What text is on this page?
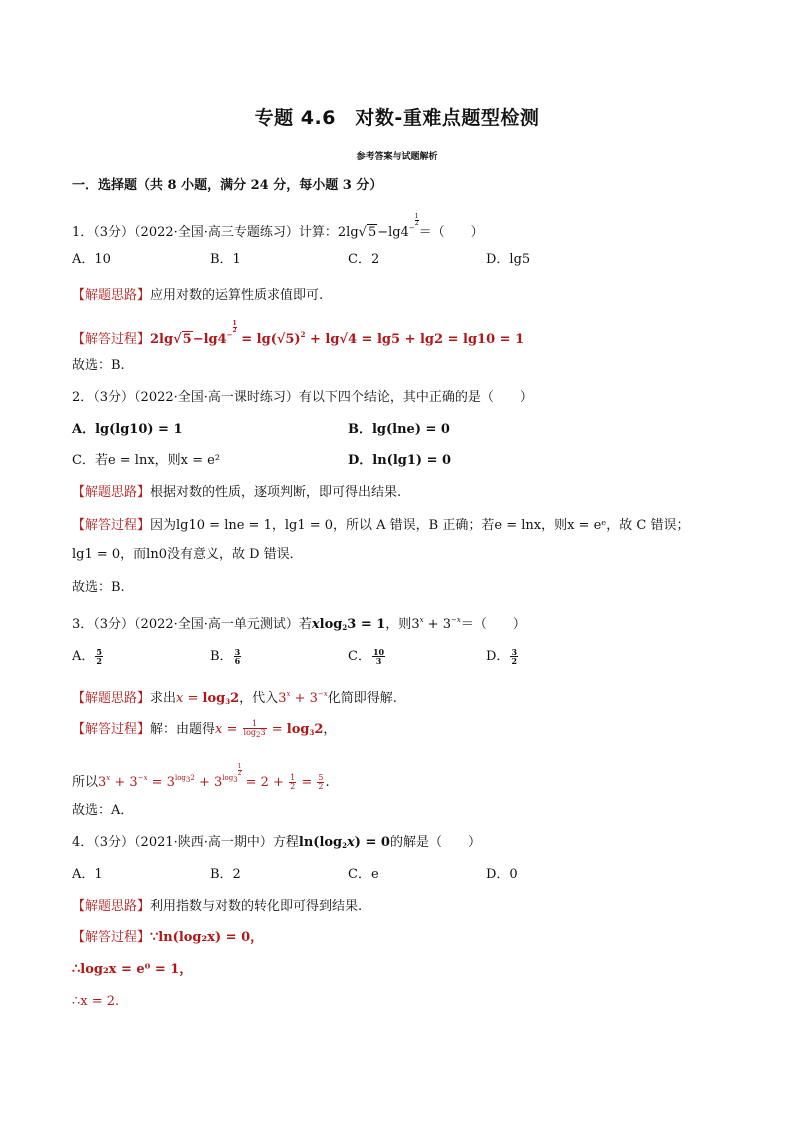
专题 4.6　对数-重难点题型检测
参考答案与试题解析
一．选择题（共 8 小题，满分 24 分，每小题 3 分）
1．（3分）（2022·全国·高三专题练习）计算：$2\lg√5-\lg 4^{- \frac{1}{2}}$
＝（　　）
A．10	B．1	C．2	D．lg5
【解题思路】应用对数的运算性质求值即可.
【解答过程】$2\lg√5-\lg 4^{- \frac{1}{2}}$
= $\lg(√5)^2 + \lg√4 = \lg 5 + \lg 2 = \lg 10 = 1$
故选：B.
2．（3分）（2022·全国·高一课时练习）有以下四个结论，其中正确的是（　　）
A．lg(lg10) = 1	B．lg(lne) = 0
C．若e = lnx，则x = e²	D．ln(lg1) = 0
【解题思路】根据对数的性质，逐项判断，即可得出结果.
【解答过程】因为lg10 = lne = 1，lg1 = 0，所以 A 错误，B 正确；若e = lnx，则x = eᵉ，故 C 错误；
lg1 = 0，而ln0没有意义，故 D 错误．
故选：B.
3．（3分）（2022·全国·高一单元测试）若xlog$_2$3 = 1，则$3^x + 3^{-x}=$（　　）
A． $\frac{5}{2}$	B． $\frac{3}{6}$	C． $\frac{10}{3}$	D． $\frac{3}{2}$
【解题思路】求出$x = \log_32$，代入$3^x + 3^{-x}$化简即得解.
【解答过程】解：由题得$x = \frac{1}{\log_23} = \log_32$，
所以$3^x + 3^{-x} = 3^{log_32} + 3^{log_3 \frac{1}{2}}$
= $2 + \frac{1}{2} = \frac{5}{2}$ .
故选：A．
4．（3分）（2021·陕西·高一期中）方程$\ln(\log_2x) = 0$的解是（　　）
A．1	B．2	C．e	D．0
【解题思路】利用指数与对数的转化即可得到结果.
【解答过程】∵ln(log₂x) = 0，
∴log₂x = e⁰ = 1，
∴x = 2.
